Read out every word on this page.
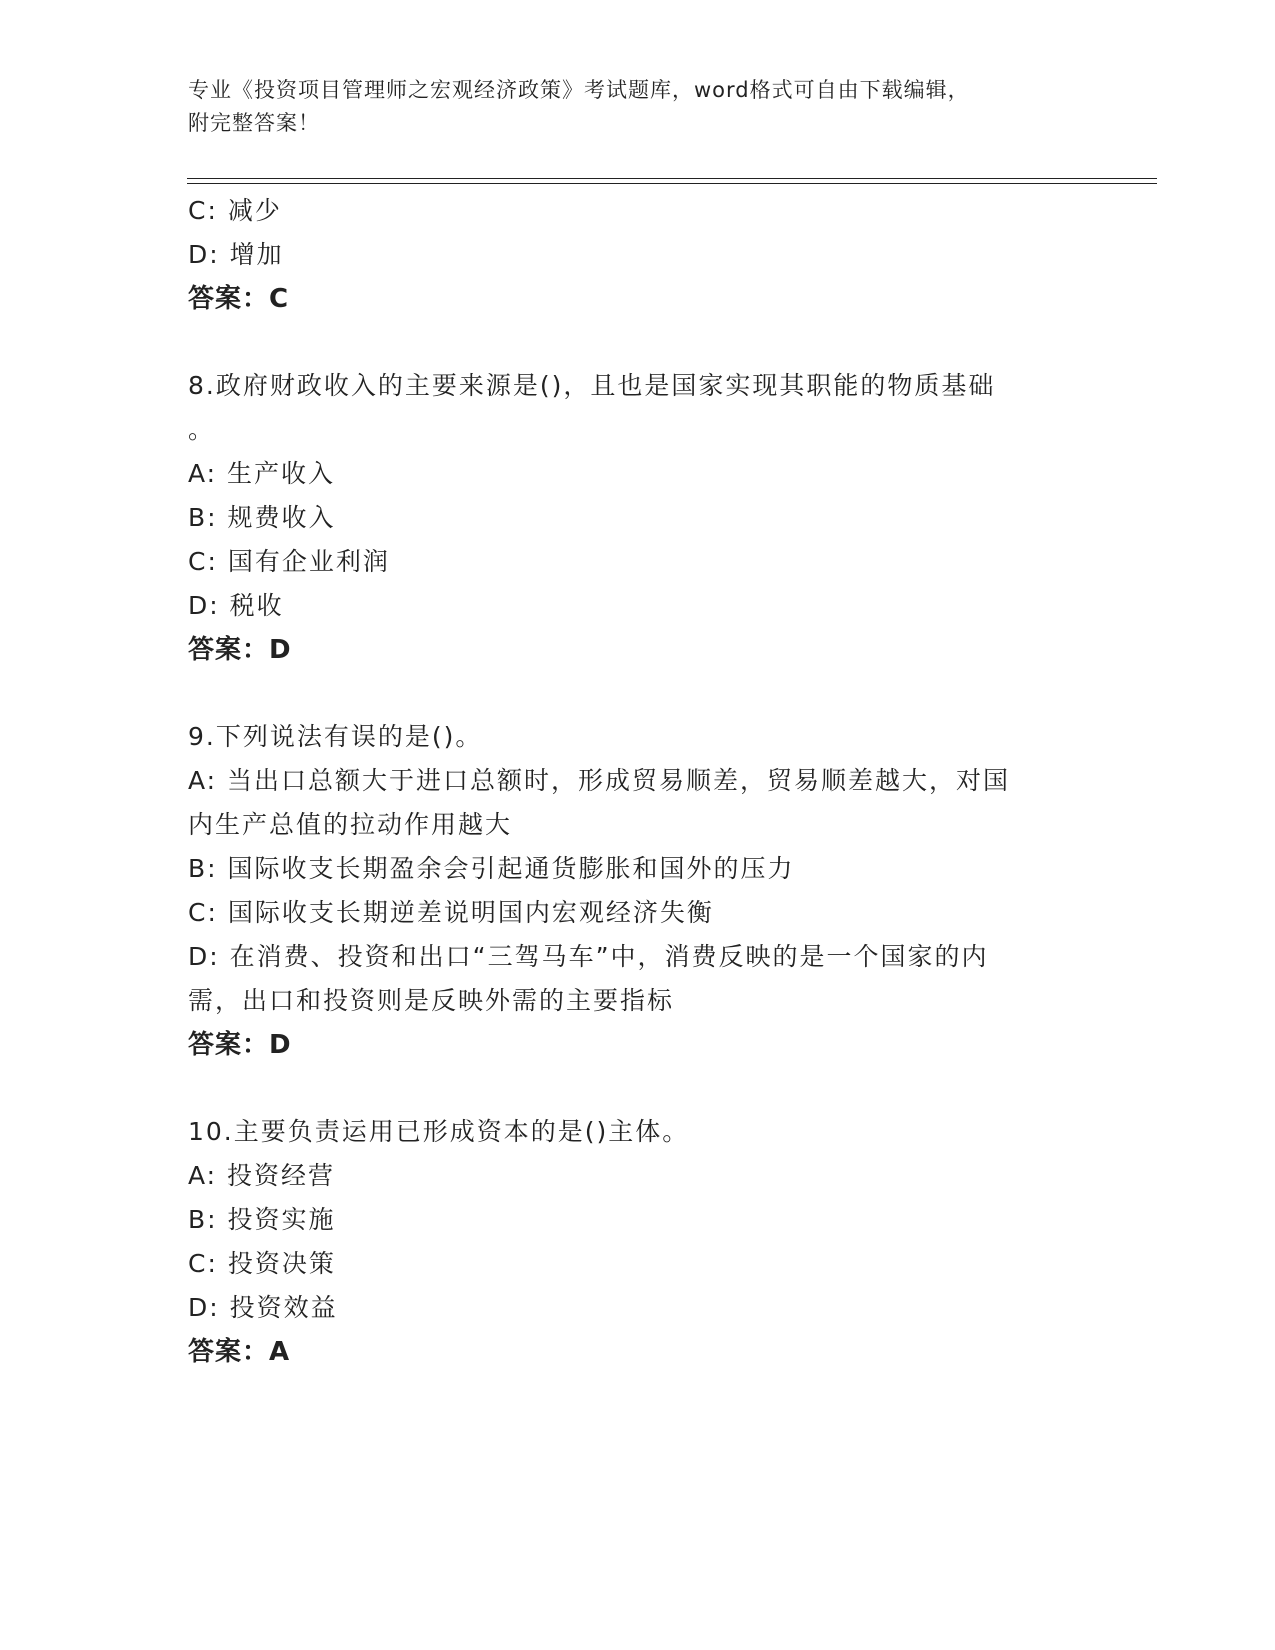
专业《投资项目管理师之宏观经济政策》考试题库，word格式可自由下载编辑，
附完整答案！
C: 减少
D: 增加
答案：C
8.政府财政收入的主要来源是()，且也是国家实现其职能的物质基础
。
A: 生产收入
B: 规费收入
C: 国有企业利润
D: 税收
答案：D
9.下列说法有误的是()。
A: 当出口总额大于进口总额时，形成贸易顺差，贸易顺差越大，对国
内生产总值的拉动作用越大
B: 国际收支长期盈余会引起通货膨胀和国外的压力
C: 国际收支长期逆差说明国内宏观经济失衡
D: 在消费、投资和出口“三驾马车”中，消费反映的是一个国家的内
需，出口和投资则是反映外需的主要指标
答案：D
10.主要负责运用已形成资本的是()主体。
A: 投资经营
B: 投资实施
C: 投资决策
D: 投资效益
答案：A
